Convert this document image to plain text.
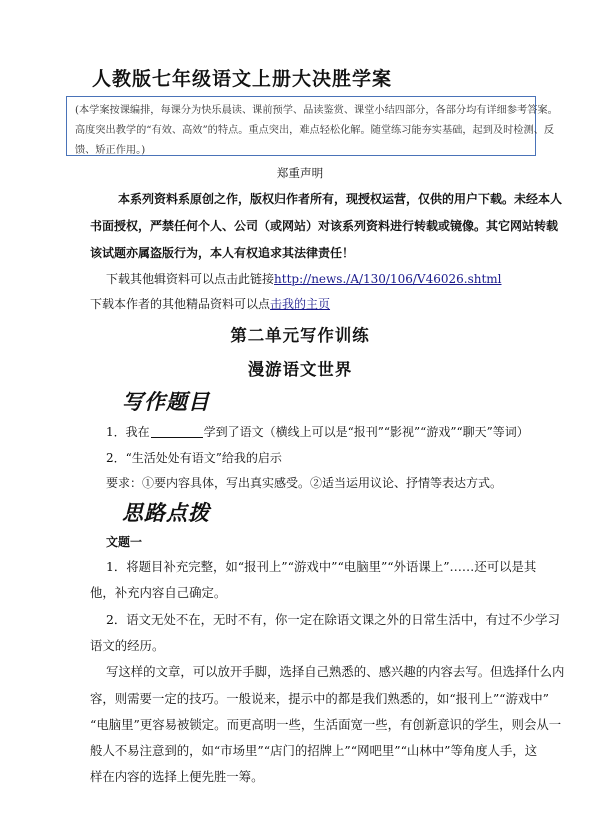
人教版七年级语文上册大决胜学案
(本学案按课编排，每课分为快乐晨读、课前预学、品读鉴赏、课堂小结四部分，各部分均有详细参考答案。
高度突出教学的“有效、高效”的特点。重点突出，难点轻松化解。随堂练习能夯实基础，起到及时检测、反
馈、矫正作用。)
郑重声明
本系列资料系原创之作，版权归作者所有，现授权运营，仅供的用户下载。未经本人
书面授权，严禁任何个人、公司（或网站）对该系列资料进行转载或镜像。其它网站转载
该试题亦属盗版行为，本人有权追求其法律责任！
下载其他辑资料可以点击此链接http://news./A/130/106/V46026.shtml
下载本作者的其他精品资料可以点击我的主页
第二单元写作训练
漫游语文世界
写作题目
1．我在	学到了语文（横线上可以是“报刊”“影视”“游戏”“聊天”等词）
2．“生活处处有语文”给我的启示
要求：①要内容具体，写出真实感受。②适当运用议论、抒情等表达方式。
思路点拨
文题一
1．将题目补充完整，如“报刊上”“游戏中”“电脑里”“外语课上”……还可以是其
他，补充内容自己确定。
2．语文无处不在，无时不有，你一定在除语文课之外的日常生活中，有过不少学习
语文的经历。
写这样的文章，可以放开手脚，选择自己熟悉的、感兴趣的内容去写。但选择什么内
容，则需要一定的技巧。一般说来，提示中的都是我们熟悉的，如“报刊上”“游戏中”
“电脑里”更容易被锁定。而更高明一些，生活面宽一些，有创新意识的学生，则会从一
般人不易注意到的，如“市场里”“店门的招牌上”“网吧里”“山林中”等角度人手，这
样在内容的选择上便先胜一筹。
